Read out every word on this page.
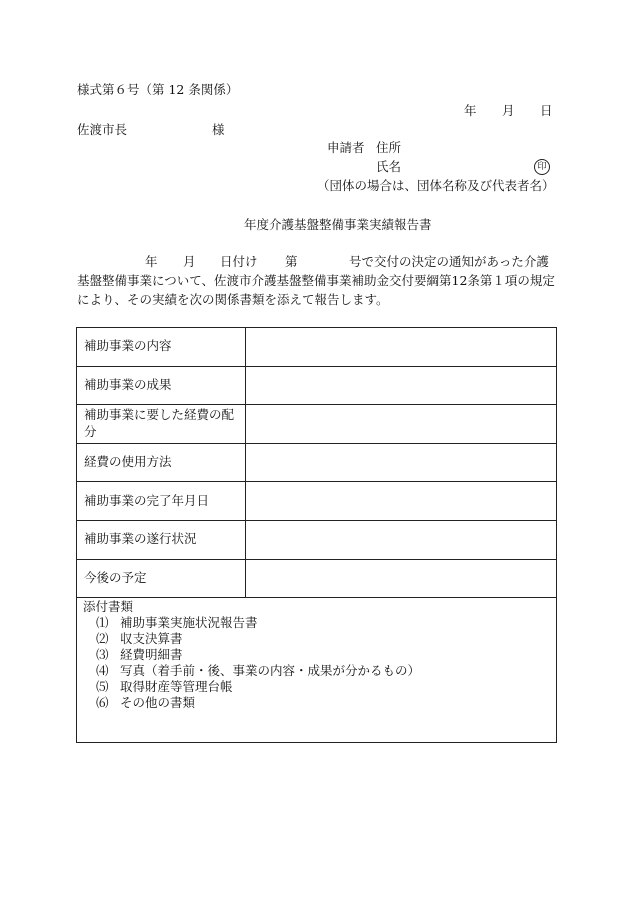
様式第６号（第 12 条関係）
年 月 日
佐渡市長	様
申請者 住所
氏名	印
（団体の場合は、団体名称及び代表者名）
年度介護基盤整備事業実績報告書
年 月 日付け 第	号で交付の決定の通知があった介護
基盤整備事業について、佐渡市介護基盤整備事業補助金交付要綱第12条第１項の規定
により、その実績を次の関係書類を添えて報告します。
補助事業の内容	
補助事業の成果	
補助事業に要した経費の配分	
経費の使用方法	
補助事業の完了年月日	
補助事業の遂行状況	
今後の予定	
添付書類
⑴ 補助事業実施状況報告書
⑵ 収支決算書
⑶ 経費明細書
⑷ 写真（着手前・後、事業の内容・成果が分かるもの）
⑸ 取得財産等管理台帳
⑹ その他の書類
